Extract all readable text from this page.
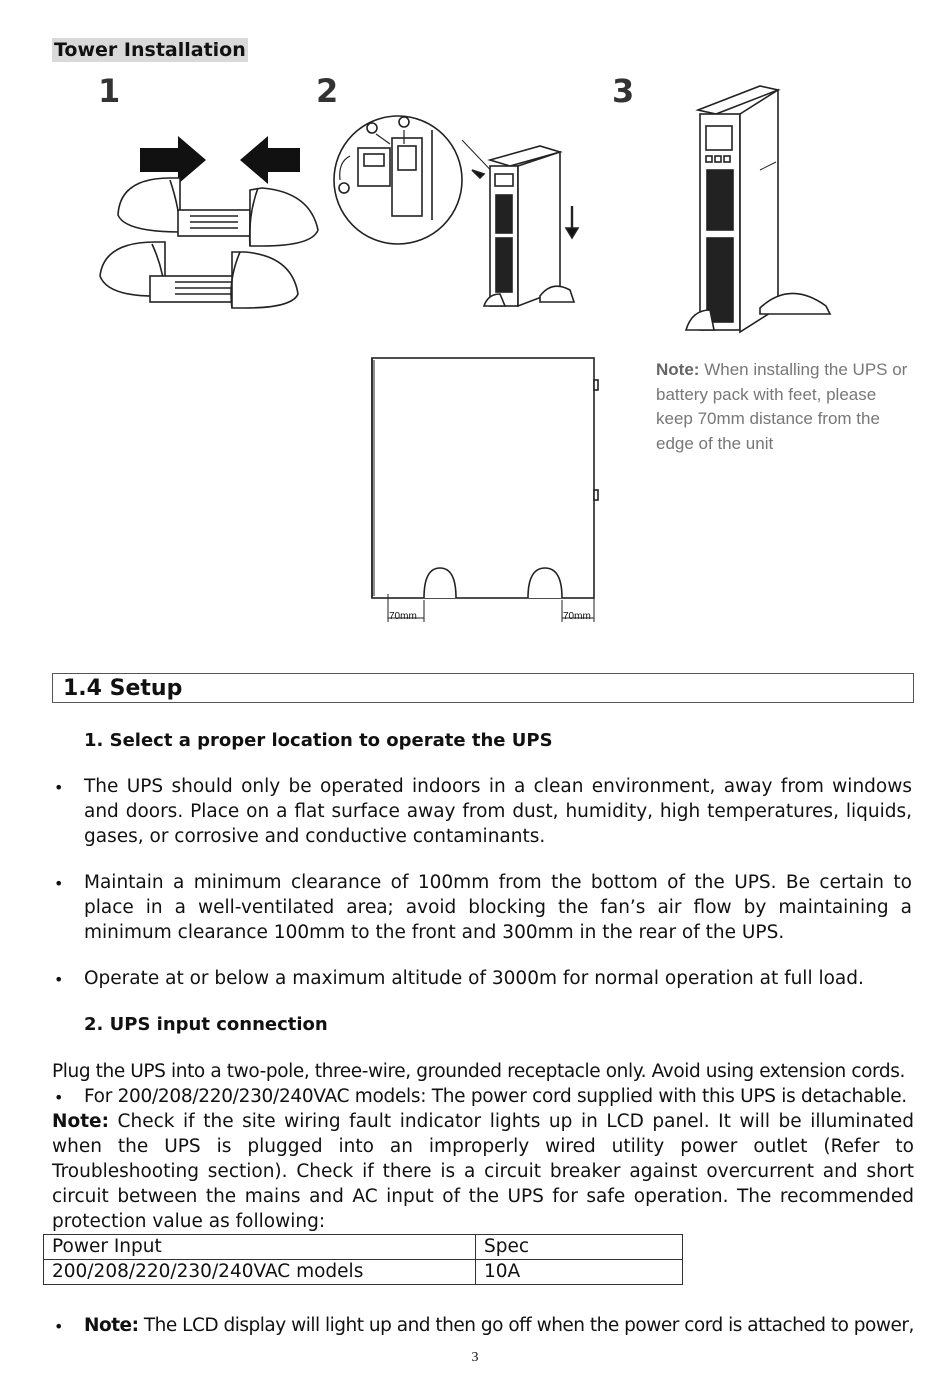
Tower Installation
1	2	3
70mm	70mm
Note: When installing the UPS or battery pack with feet, please keep 70mm distance from the edge of the unit
1.4 Setup
1. Select a proper location to operate the UPS
• The UPS should only be operated indoors in a clean environment, away from windows and doors. Place on a flat surface away from dust, humidity, high temperatures, liquids, gases, or corrosive and conductive contaminants.
• Maintain a minimum clearance of 100mm from the bottom of the UPS. Be certain to place in a well-ventilated area; avoid blocking the fan’s air flow by maintaining a minimum clearance 100mm to the front and 300mm in the rear of the UPS.
• Operate at or below a maximum altitude of 3000m for normal operation at full load.
2. UPS input connection
Plug the UPS into a two-pole, three-wire, grounded receptacle only. Avoid using extension cords.
• For 200/208/220/230/240VAC models: The power cord supplied with this UPS is detachable.
Note: Check if the site wiring fault indicator lights up in LCD panel. It will be illuminated when the UPS is plugged into an improperly wired utility power outlet (Refer to Troubleshooting section). Check if there is a circuit breaker against overcurrent and short circuit between the mains and AC input of the UPS for safe operation. The recommended protection value as following:
Power Input	Spec
200/208/220/230/240VAC models	10A
• Note: The LCD display will light up and then go off when the power cord is attached to power,
3
